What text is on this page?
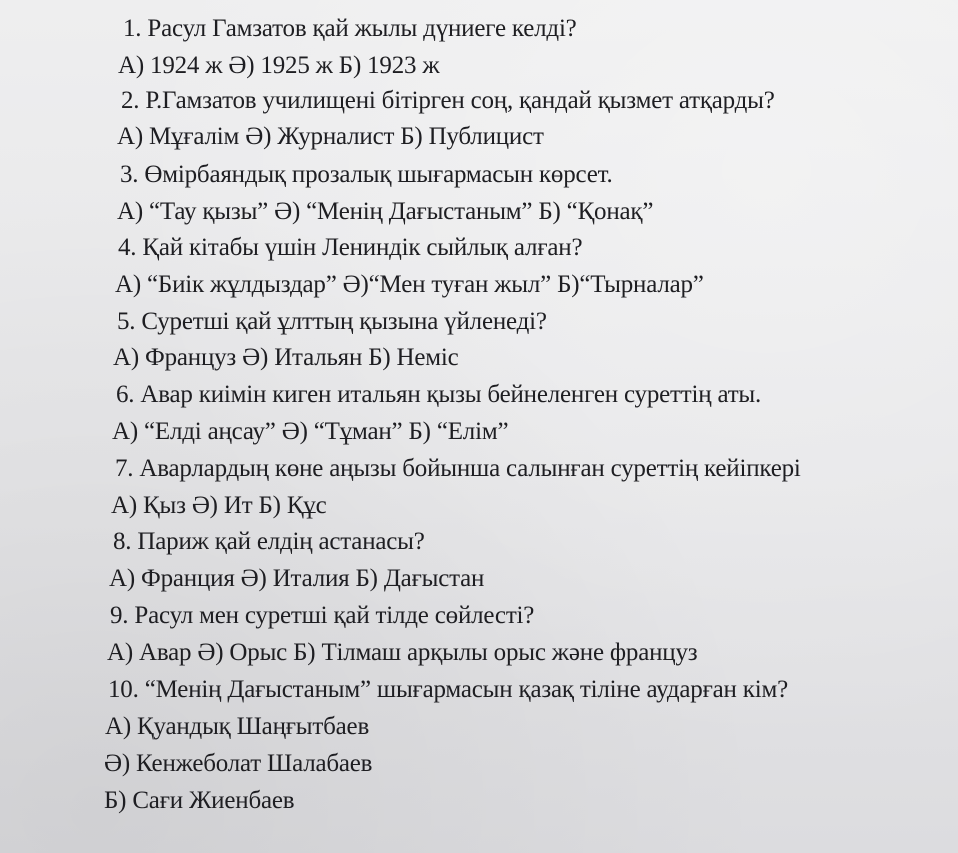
1. Расул Гамзатов қай жылы дүниеге келді?
A) 1924 ж Ә) 1925 ж Б) 1923 ж
2. Р.Гамзатов училищені бітірген соң, қандай қызмет атқарды?
A) Мұғалім Ә) Журналист Б) Публицист
3. Өмірбаяндық прозалық шығармасын көрсет.
A) “Тау қызы” Ә) “Менің Дағыстаным” Б) “Қонақ”
4. Қай кітабы үшін Лениндік сыйлық алған?
A) “Биік жұлдыздар” Ә)“Мен туған жыл” Б)“Тырналар”
5. Суретші қай ұлттың қызына үйленеді?
A) Француз Ә) Итальян Б) Неміс
6. Авар киімін киген итальян қызы бейнеленген суреттің аты.
A) “Елді аңсау” Ә) “Тұман” Б) “Елім”
7. Аварлардың көне аңызы бойынша салынған суреттің кейіпкері
A) Қыз Ә) Ит Б) Құс
8. Париж қай елдің астанасы?
A) Франция Ә) Италия Б) Дағыстан
9. Расул мен суретші қай тілде сөйлесті?
A) Авар Ә) Орыс Б) Тілмаш арқылы орыс және француз
10. “Менің Дағыстаным” шығармасын қазақ тіліне аударған кім?
A) Қуандық Шаңғытбаев
Ә) Кенжеболат Шалабаев
Б) Сағи Жиенбаев
